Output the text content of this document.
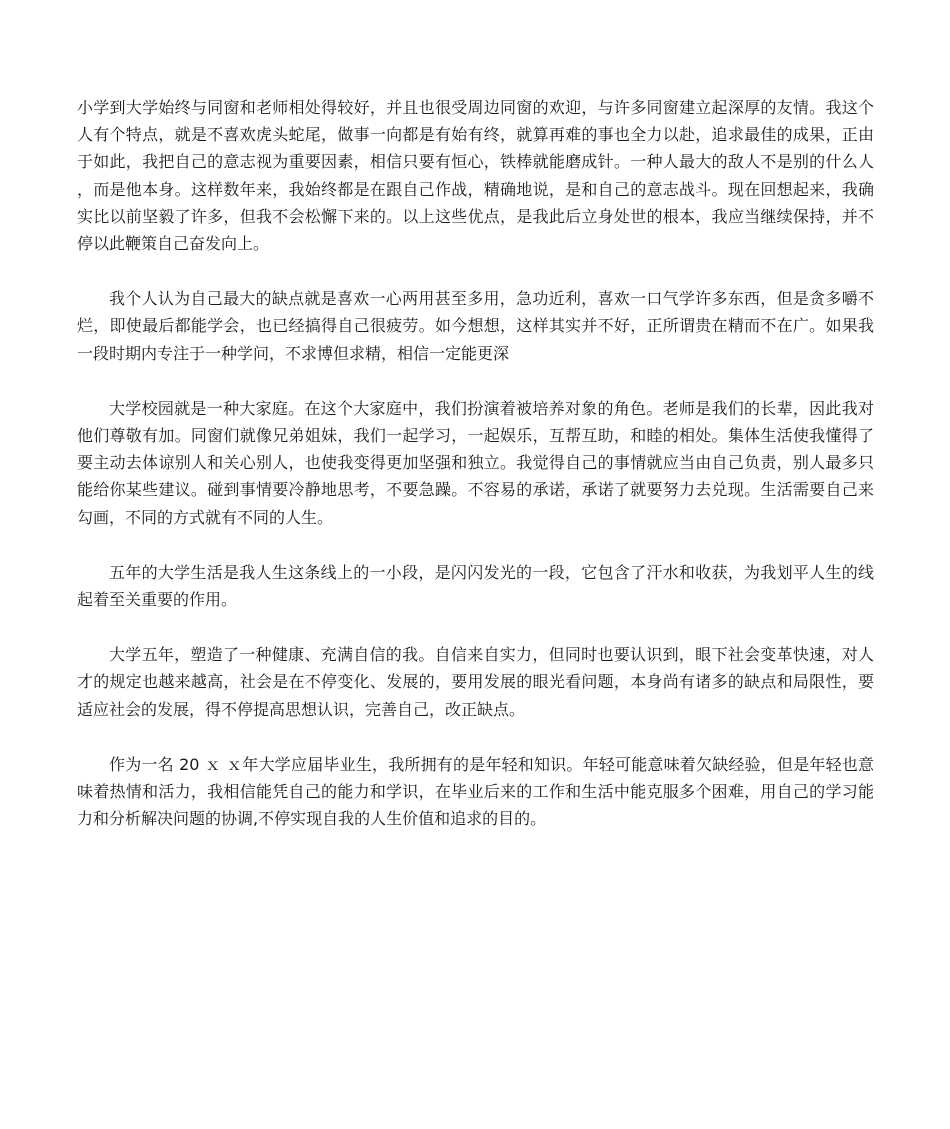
小学到大学始终与同窗和老师相处得较好，并且也很受周边同窗的欢迎，与许多同窗建立起深厚的友情。我这个人有个特点，就是不喜欢虎头蛇尾，做事一向都是有始有终，就算再难的事也全力以赴，追求最佳的成果，正由于如此，我把自己的意志视为重要因素，相信只要有恒心，铁棒就能磨成针。一种人最大的敌人不是别的什么人，而是他本身。这样数年来，我始终都是在跟自己作战，精确地说，是和自己的意志战斗。现在回想起来，我确实比以前坚毅了许多，但我不会松懈下来的。以上这些优点，是我此后立身处世的根本，我应当继续保持，并不停以此鞭策自己奋发向上。

我个人认为自己最大的缺点就是喜欢一心两用甚至多用，急功近利，喜欢一口气学许多东西，但是贪多嚼不烂，即使最后都能学会，也已经搞得自己很疲劳。如今想想，这样其实并不好，正所谓贵在精而不在广。如果我一段时期内专注于一种学问，不求博但求精，相信一定能更深

大学校园就是一种大家庭。在这个大家庭中，我们扮演着被培养对象的角色。老师是我们的长辈，因此我对他们尊敬有加。同窗们就像兄弟姐妹，我们一起学习，一起娱乐，互帮互助，和睦的相处。集体生活使我懂得了要主动去体谅别人和关心别人，也使我变得更加坚强和独立。我觉得自己的事情就应当由自己负责，别人最多只能给你某些建议。碰到事情要冷静地思考，不要急躁。不容易的承诺，承诺了就要努力去兑现。生活需要自己来勾画，不同的方式就有不同的人生。

五年的大学生活是我人生这条线上的一小段，是闪闪发光的一段，它包含了汗水和收获，为我划平人生的线起着至关重要的作用。

大学五年，塑造了一种健康、充满自信的我。自信来自实力，但同时也要认识到，眼下社会变革快速，对人才的规定也越来越高，社会是在不停变化、发展的，要用发展的眼光看问题，本身尚有诸多的缺点和局限性，要适应社会的发展，得不停提高思想认识，完善自己，改正缺点。

作为一名 20 ｘ ｘ年大学应届毕业生，我所拥有的是年轻和知识。年轻可能意味着欠缺经验，但是年轻也意味着热情和活力，我相信能凭自己的能力和学识，在毕业后来的工作和生活中能克服多个困难，用自己的学习能力和分析解决问题的协调,不停实现自我的人生价值和追求的目的。
